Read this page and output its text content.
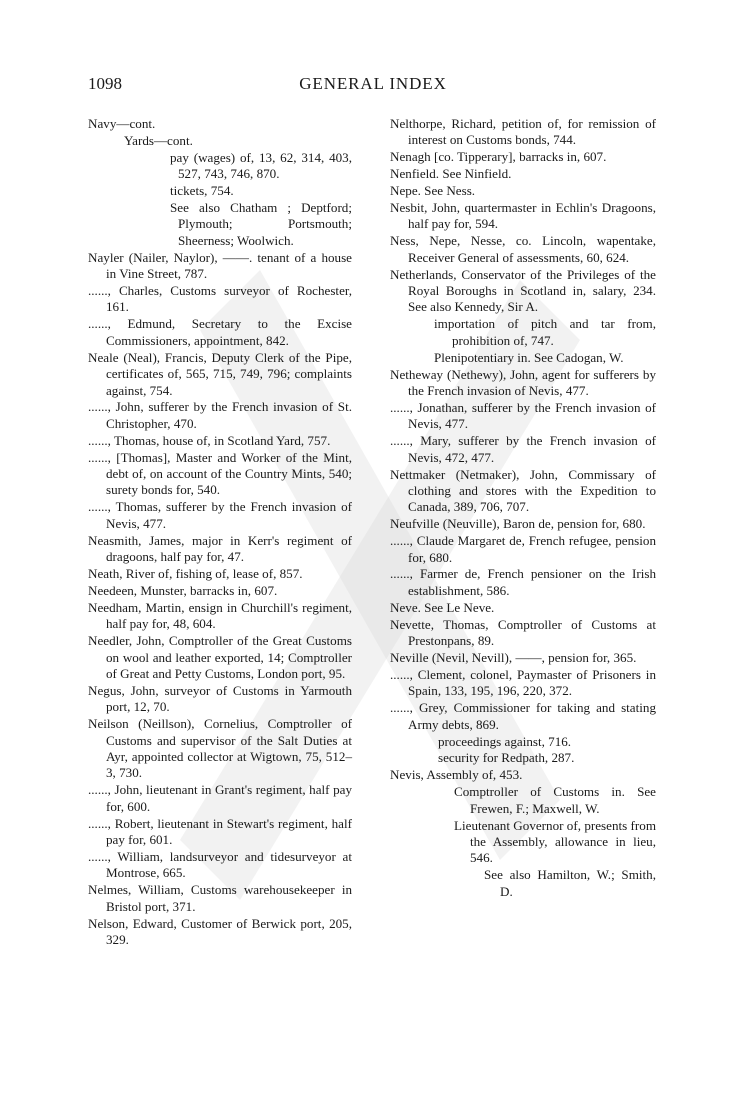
1098	GENERAL INDEX

Navy—cont.

Yards—cont.

pay (wages) of, 13, 62, 314, 403, 527, 743, 746, 870.

tickets, 754.

See also Chatham ; Deptford; Plymouth; Portsmouth; Sheerness; Woolwich.

Nayler (Nailer, Naylor), ——. tenant of a house in Vine Street, 787.

......, Charles, Customs surveyor of Rochester, 161.

......, Edmund, Secretary to the Excise Commissioners, appointment, 842.

Neale (Neal), Francis, Deputy Clerk of the Pipe, certificates of, 565, 715, 749, 796; complaints against, 754.

......, John, sufferer by the French invasion of St. Christopher, 470.

......, Thomas, house of, in Scotland Yard, 757.

......, [Thomas], Master and Worker of the Mint, debt of, on account of the Country Mints, 540; surety bonds for, 540.

......, Thomas, sufferer by the French invasion of Nevis, 477.

Neasmith, James, major in Kerr's regiment of dragoons, half pay for, 47.

Neath, River of, fishing of, lease of, 857.

Needeen, Munster, barracks in, 607.

Needham, Martin, ensign in Churchill's regiment, half pay for, 48, 604.

Needler, John, Comptroller of the Great Customs on wool and leather exported, 14; Comptroller of Great and Petty Customs, London port, 95.

Negus, John, surveyor of Customs in Yarmouth port, 12, 70.

Neilson (Neillson), Cornelius, Comptroller of Customs and supervisor of the Salt Duties at Ayr, appointed collector at Wigtown, 75, 512–3, 730.

......, John, lieutenant in Grant's regiment, half pay for, 600.

......, Robert, lieutenant in Stewart's regiment, half pay for, 601.

......, William, landsurveyor and tidesurveyor at Montrose, 665.

Nelmes, William, Customs warehousekeeper in Bristol port, 371.

Nelson, Edward, Customer of Berwick port, 205, 329.

Nelthorpe, Richard, petition of, for remission of interest on Customs bonds, 744.

Nenagh [co. Tipperary], barracks in, 607.

Nenfield. See Ninfield.

Nepe. See Ness.

Nesbit, John, quartermaster in Echlin's Dragoons, half pay for, 594.

Ness, Nepe, Nesse, co. Lincoln, wapentake, Receiver General of assessments, 60, 624.

Netherlands, Conservator of the Privileges of the Royal Boroughs in Scotland in, salary, 234. See also Kennedy, Sir A.

importation of pitch and tar from, prohibition of, 747.

Plenipotentiary in. See Cadogan, W.

Netheway (Nethewy), John, agent for sufferers by the French invasion of Nevis, 477.

......, Jonathan, sufferer by the French invasion of Nevis, 477.

......, Mary, sufferer by the French invasion of Nevis, 472, 477.

Nettmaker (Netmaker), John, Commissary of clothing and stores with the Expedition to Canada, 389, 706, 707.

Neufville (Neuville), Baron de, pension for, 680.

......, Claude Margaret de, French refugee, pension for, 680.

......, Farmer de, French pensioner on the Irish establishment, 586.

Neve. See Le Neve.

Nevette, Thomas, Comptroller of Customs at Prestonpans, 89.

Neville (Nevil, Nevill), ——, pension for, 365.

......, Clement, colonel, Paymaster of Prisoners in Spain, 133, 195, 196, 220, 372.

......, Grey, Commissioner for taking and stating Army debts, 869.

proceedings against, 716.

security for Redpath, 287.

Nevis, Assembly of, 453.

Comptroller of Customs in. See Frewen, F.; Maxwell, W.

Lieutenant Governor of, presents from the Assembly, allowance in lieu, 546.

See also Hamilton, W.; Smith, D.
